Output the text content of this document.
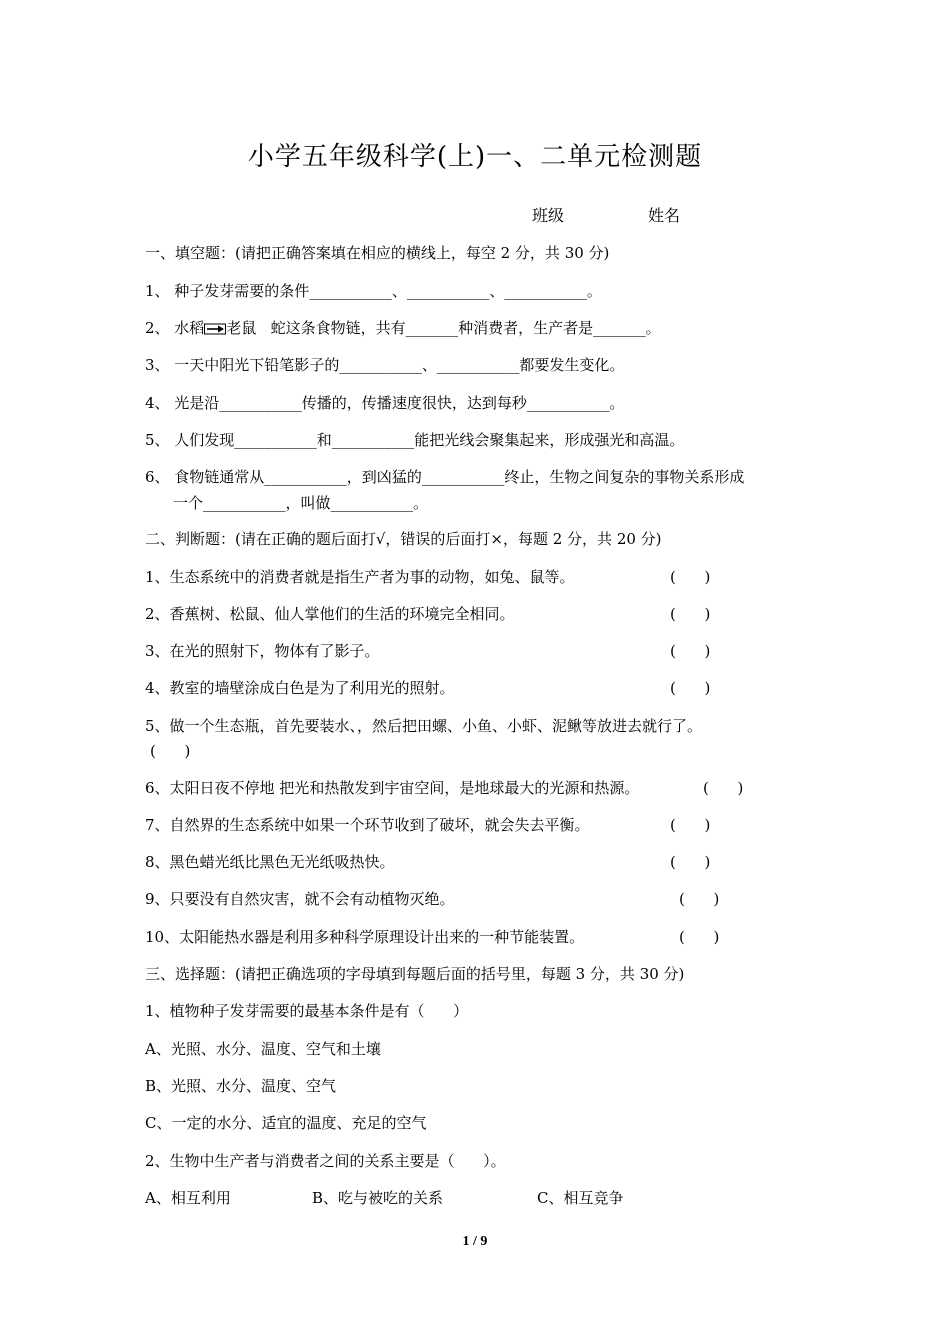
小学五年级科学(上)一、二单元检测题
班级	姓名
一、填空题：(请把正确答案填在相应的横线上，每空 2 分，共 30 分)
1、 种子发芽需要的条件___________、___________、___________。
2、 水稻 老鼠   蛇这条食物链，共有_______种消费者，生产者是_______。
3、 一天中阳光下铅笔影子的___________、___________都要发生变化。
4、 光是沿___________传播的，传播速度很快，达到每秒___________。
5、 人们发现___________和___________能把光线会聚集起来，形成强光和高温。
6、 食物链通常从___________，到凶猛的___________终止，生物之间复杂的事物关系形成
一个___________，叫做___________。
二、判断题：(请在正确的题后面打√，错误的后面打×，每题 2 分，共 20 分)
1、生态系统中的消费者就是指生产者为事的动物，如兔、鼠等。	(      )
2、香蕉树、松鼠、仙人掌他们的生活的环境完全相同。	(      )
3、在光的照射下，物体有了影子。	(      )
4、教室的墙壁涂成白色是为了利用光的照射。	(      )
5、做一个生态瓶，首先要装水、，然后把田螺、小鱼、小虾、泥鳅等放进去就行了。
(      )
6、太阳日夜不停地 把光和热散发到宇宙空间，是地球最大的光源和热源。	(      )
7、自然界的生态系统中如果一个环节收到了破坏，就会失去平衡。	(      )
8、黑色蜡光纸比黑色无光纸吸热快。	(      )
9、只要没有自然灾害，就不会有动植物灭绝。	(      )
10、太阳能热水器是利用多种科学原理设计出来的一种节能装置。	(      )
三、选择题：(请把正确选项的字母填到每题后面的括号里，每题 3 分，共 30 分)
1、植物种子发芽需要的最基本条件是有（      ）
A、光照、水分、温度、空气和土壤
B、光照、水分、温度、空气
C、一定的水分、适宜的温度、充足的空气
2、生物中生产者与消费者之间的关系主要是（      ）。
A、相互利用	B、吃与被吃的关系	C、相互竞争
1 / 9
